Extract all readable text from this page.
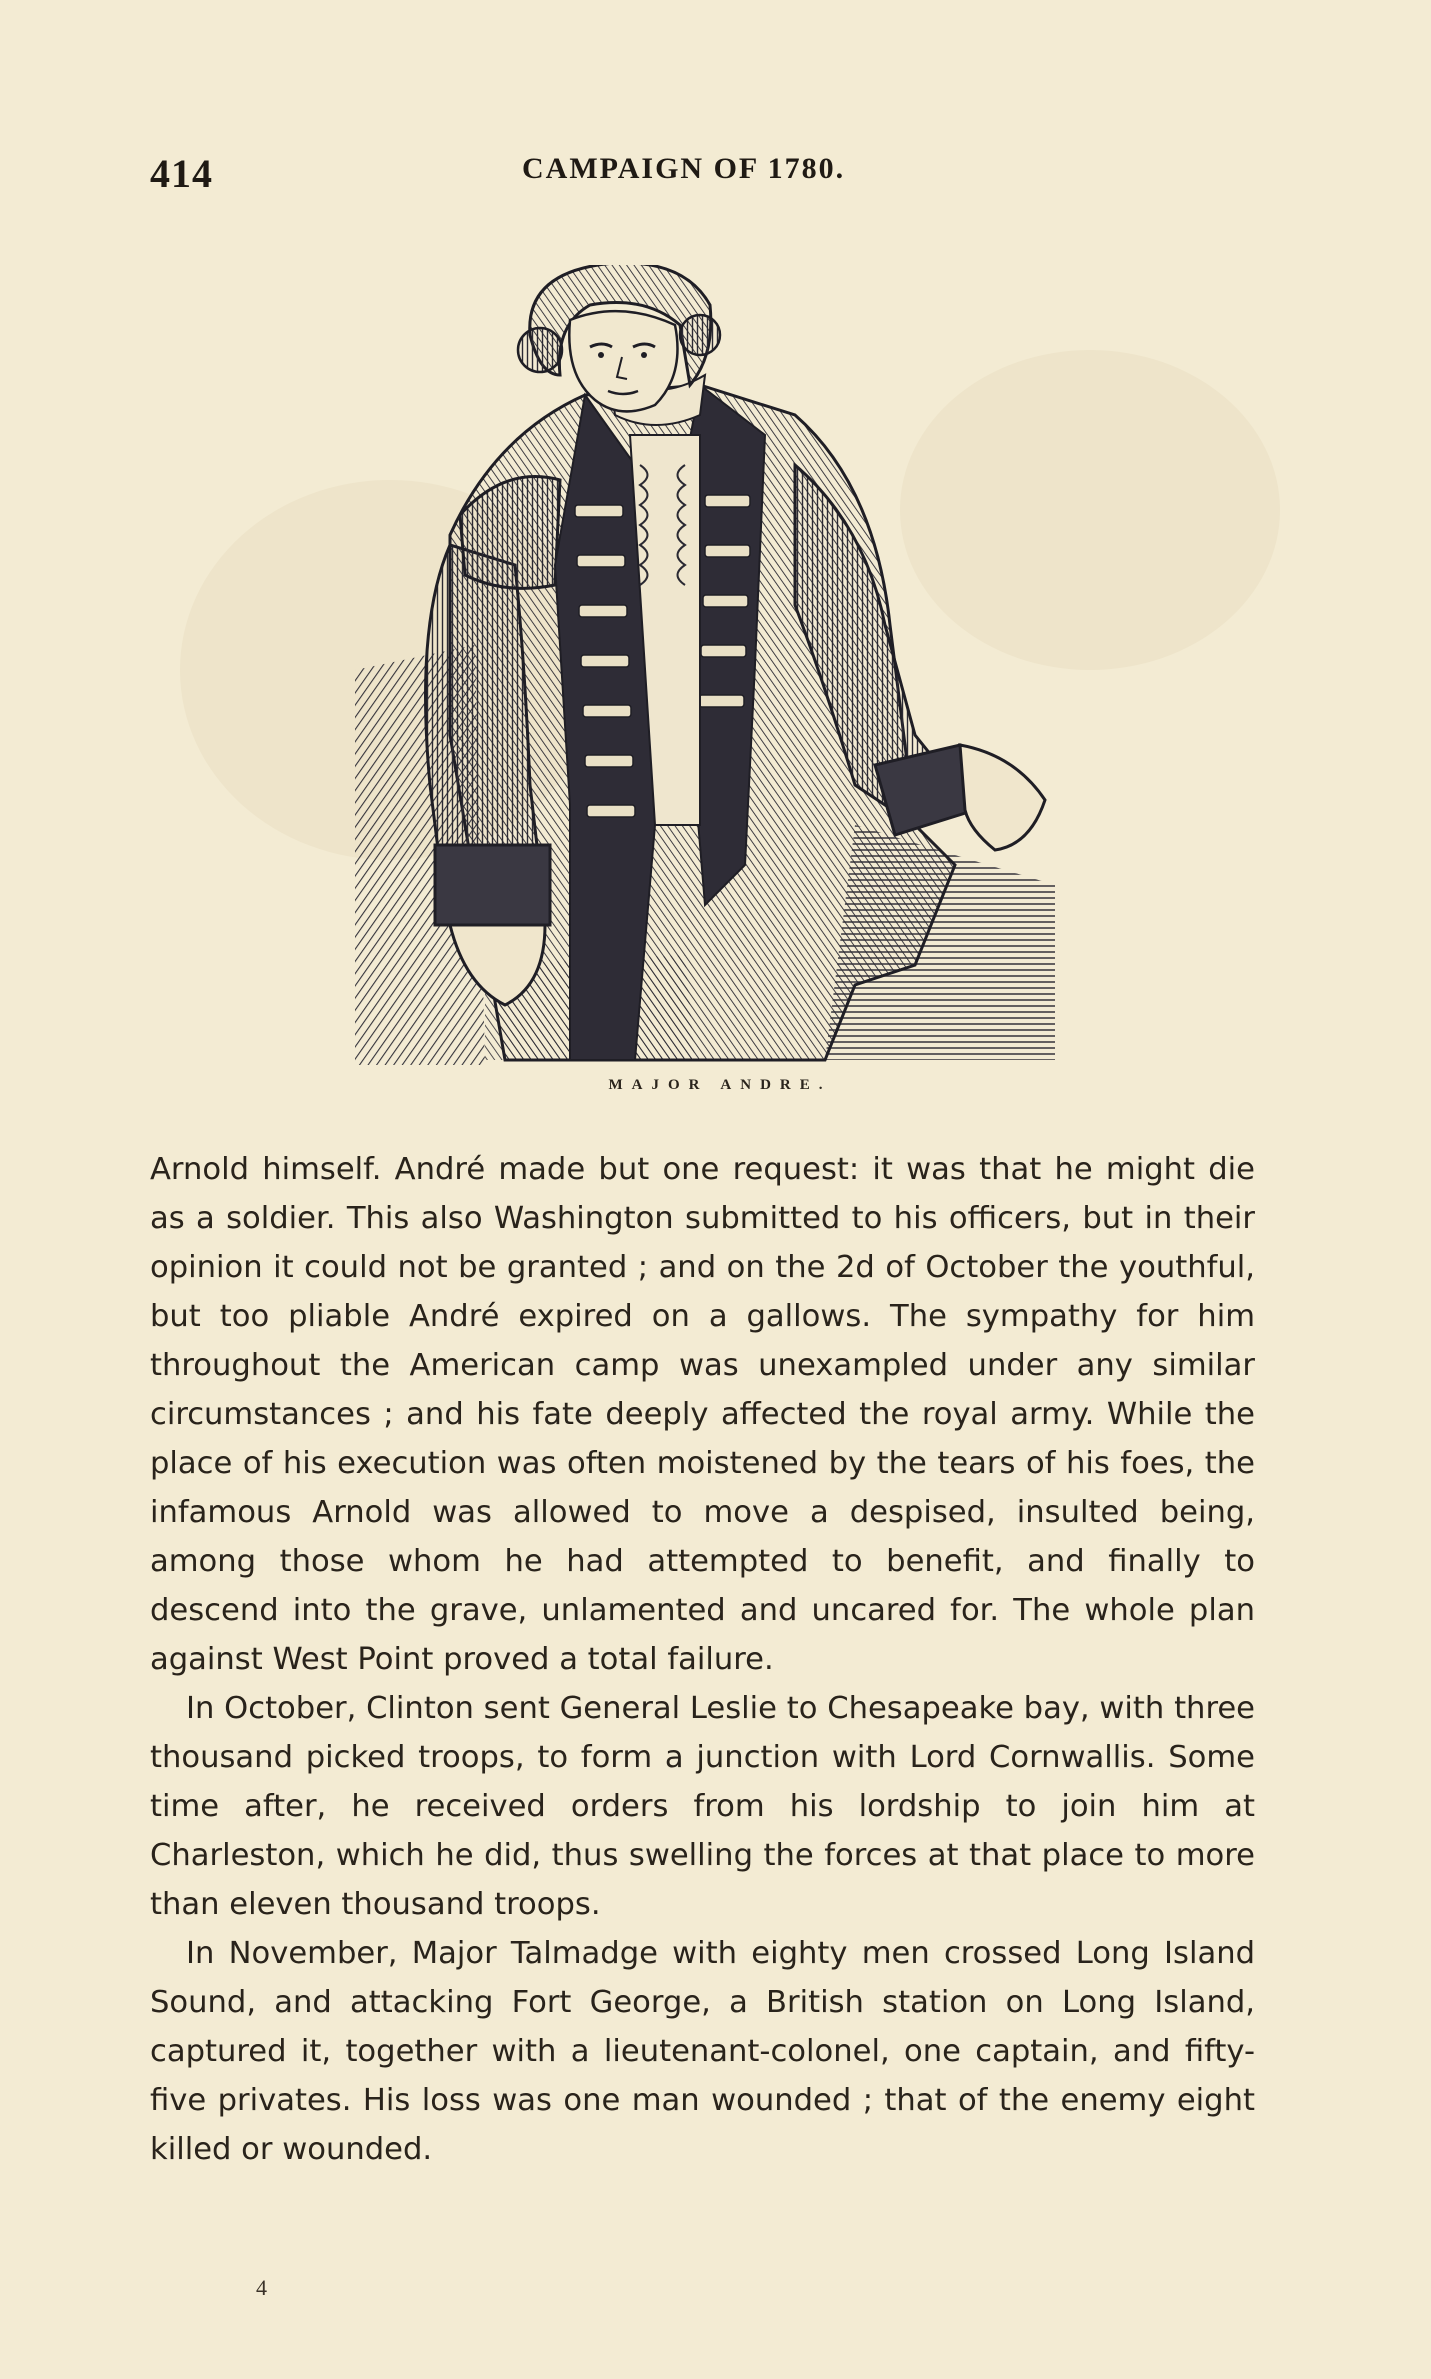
414	CAMPAIGN OF 1780.
MAJOR ANDRE.

Arnold himself. André made but one request: it was that he might die as a soldier. This also Washington submitted to his officers, but in their opinion it could not be granted ; and on the 2d of October the youthful, but too pliable André expired on a gallows. The sympathy for him throughout the American camp was unexampled under any similar circumstances ; and his fate deeply affected the royal army. While the place of his execution was often moistened by the tears of his foes, the infamous Arnold was allowed to move a despised, insulted being, among those whom he had attempted to benefit, and finally to descend into the grave, unlamented and uncared for. The whole plan against West Point proved a total failure.

In October, Clinton sent General Leslie to Chesapeake bay, with three thousand picked troops, to form a junction with Lord Cornwallis. Some time after, he received orders from his lordship to join him at Charleston, which he did, thus swelling the forces at that place to more than eleven thousand troops.

In November, Major Talmadge with eighty men crossed Long Island Sound, and attacking Fort George, a British station on Long Island, captured it, together with a lieutenant-colonel, one captain, and fifty-five privates. His loss was one man wounded ; that of the enemy eight killed or wounded.

4
